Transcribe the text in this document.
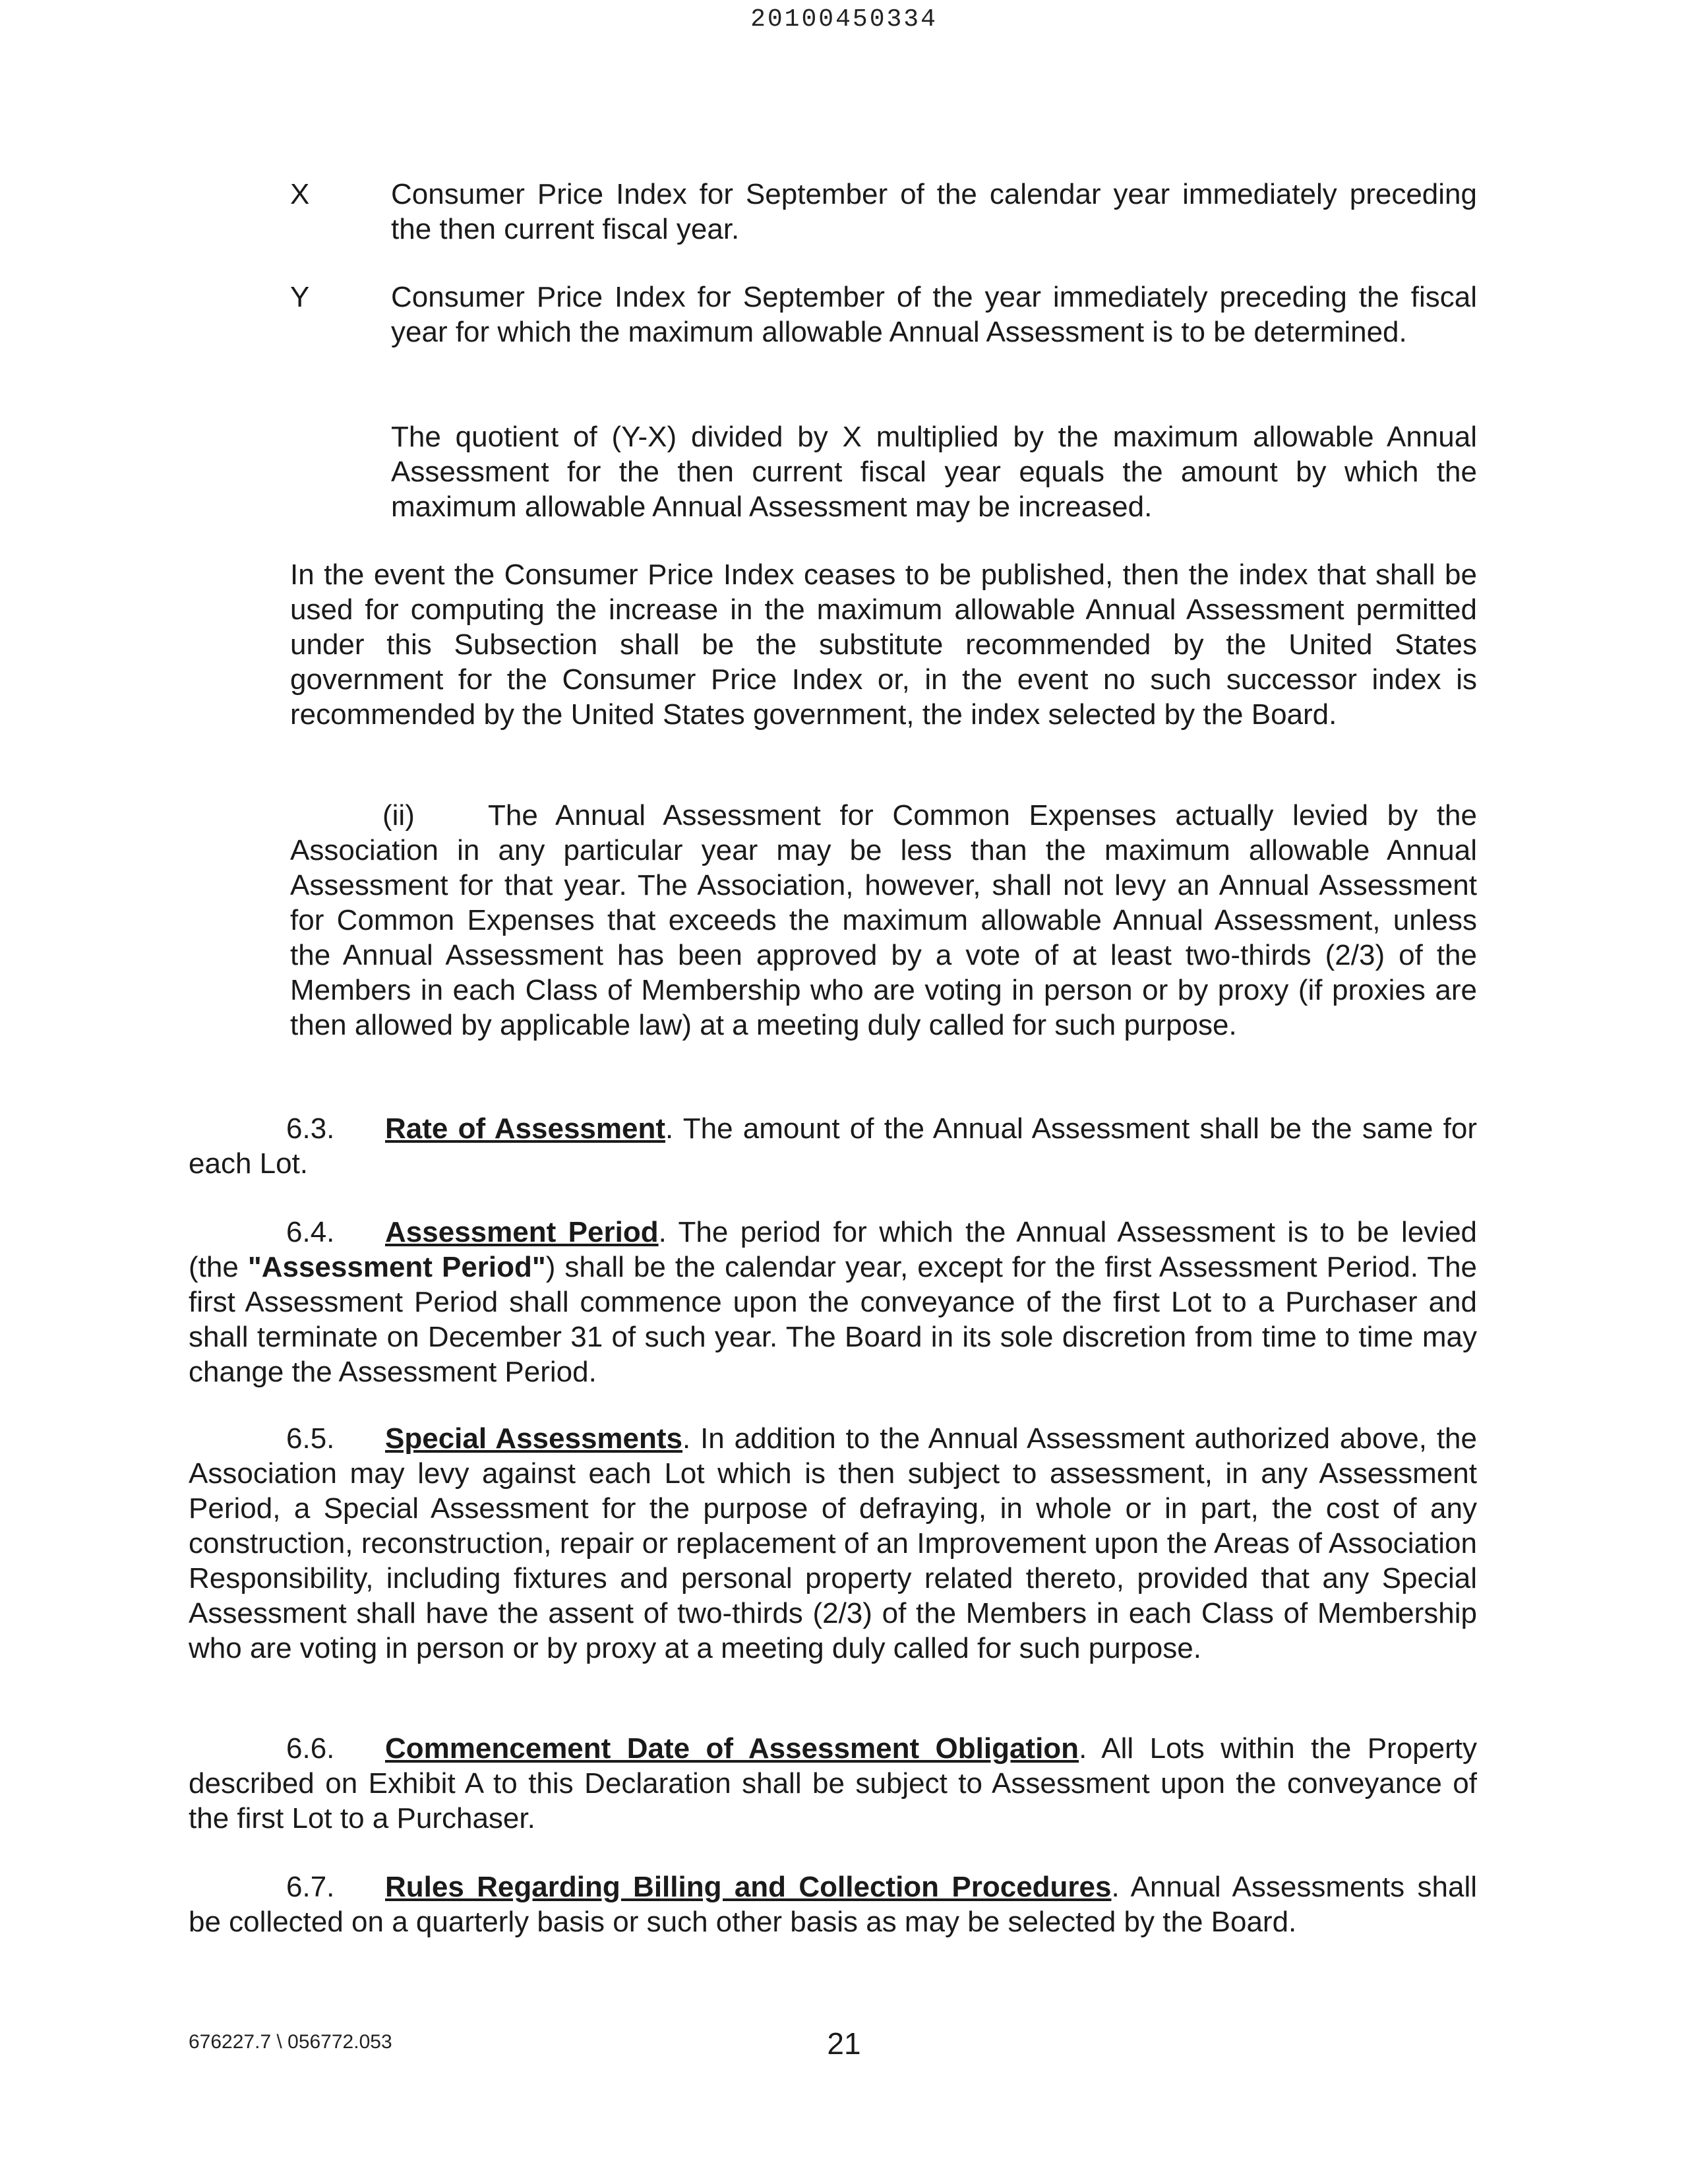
20100450334
X	Consumer Price Index for September of the calendar year immediately preceding the then current fiscal year.
Y	Consumer Price Index for September of the year immediately preceding the fiscal year for which the maximum allowable Annual Assessment is to be determined.
The quotient of (Y-X) divided by X multiplied by the maximum allowable Annual Assessment for the then current fiscal year equals the amount by which the maximum allowable Annual Assessment may be increased.
In the event the Consumer Price Index ceases to be published, then the index that shall be used for computing the increase in the maximum allowable Annual Assessment permitted under this Subsection shall be the substitute recommended by the United States government for the Consumer Price Index or, in the event no such successor index is recommended by the United States government, the index selected by the Board.
(ii)	The Annual Assessment for Common Expenses actually levied by the Association in any particular year may be less than the maximum allowable Annual Assessment for that year. The Association, however, shall not levy an Annual Assessment for Common Expenses that exceeds the maximum allowable Annual Assessment, unless the Annual Assessment has been approved by a vote of at least two-thirds (2/3) of the Members in each Class of Membership who are voting in person or by proxy (if proxies are then allowed by applicable law) at a meeting duly called for such purpose.
6.3. Rate of Assessment. The amount of the Annual Assessment shall be the same for each Lot.
6.4. Assessment Period. The period for which the Annual Assessment is to be levied (the "Assessment Period") shall be the calendar year, except for the first Assessment Period. The first Assessment Period shall commence upon the conveyance of the first Lot to a Purchaser and shall terminate on December 31 of such year. The Board in its sole discretion from time to time may change the Assessment Period.
6.5. Special Assessments. In addition to the Annual Assessment authorized above, the Association may levy against each Lot which is then subject to assessment, in any Assessment Period, a Special Assessment for the purpose of defraying, in whole or in part, the cost of any construction, reconstruction, repair or replacement of an Improvement upon the Areas of Association Responsibility, including fixtures and personal property related thereto, provided that any Special Assessment shall have the assent of two-thirds (2/3) of the Members in each Class of Membership who are voting in person or by proxy at a meeting duly called for such purpose.
6.6. Commencement Date of Assessment Obligation. All Lots within the Property described on Exhibit A to this Declaration shall be subject to Assessment upon the conveyance of the first Lot to a Purchaser.
6.7. Rules Regarding Billing and Collection Procedures. Annual Assessments shall be collected on a quarterly basis or such other basis as may be selected by the Board.
676227.7 \ 056772.053	21
